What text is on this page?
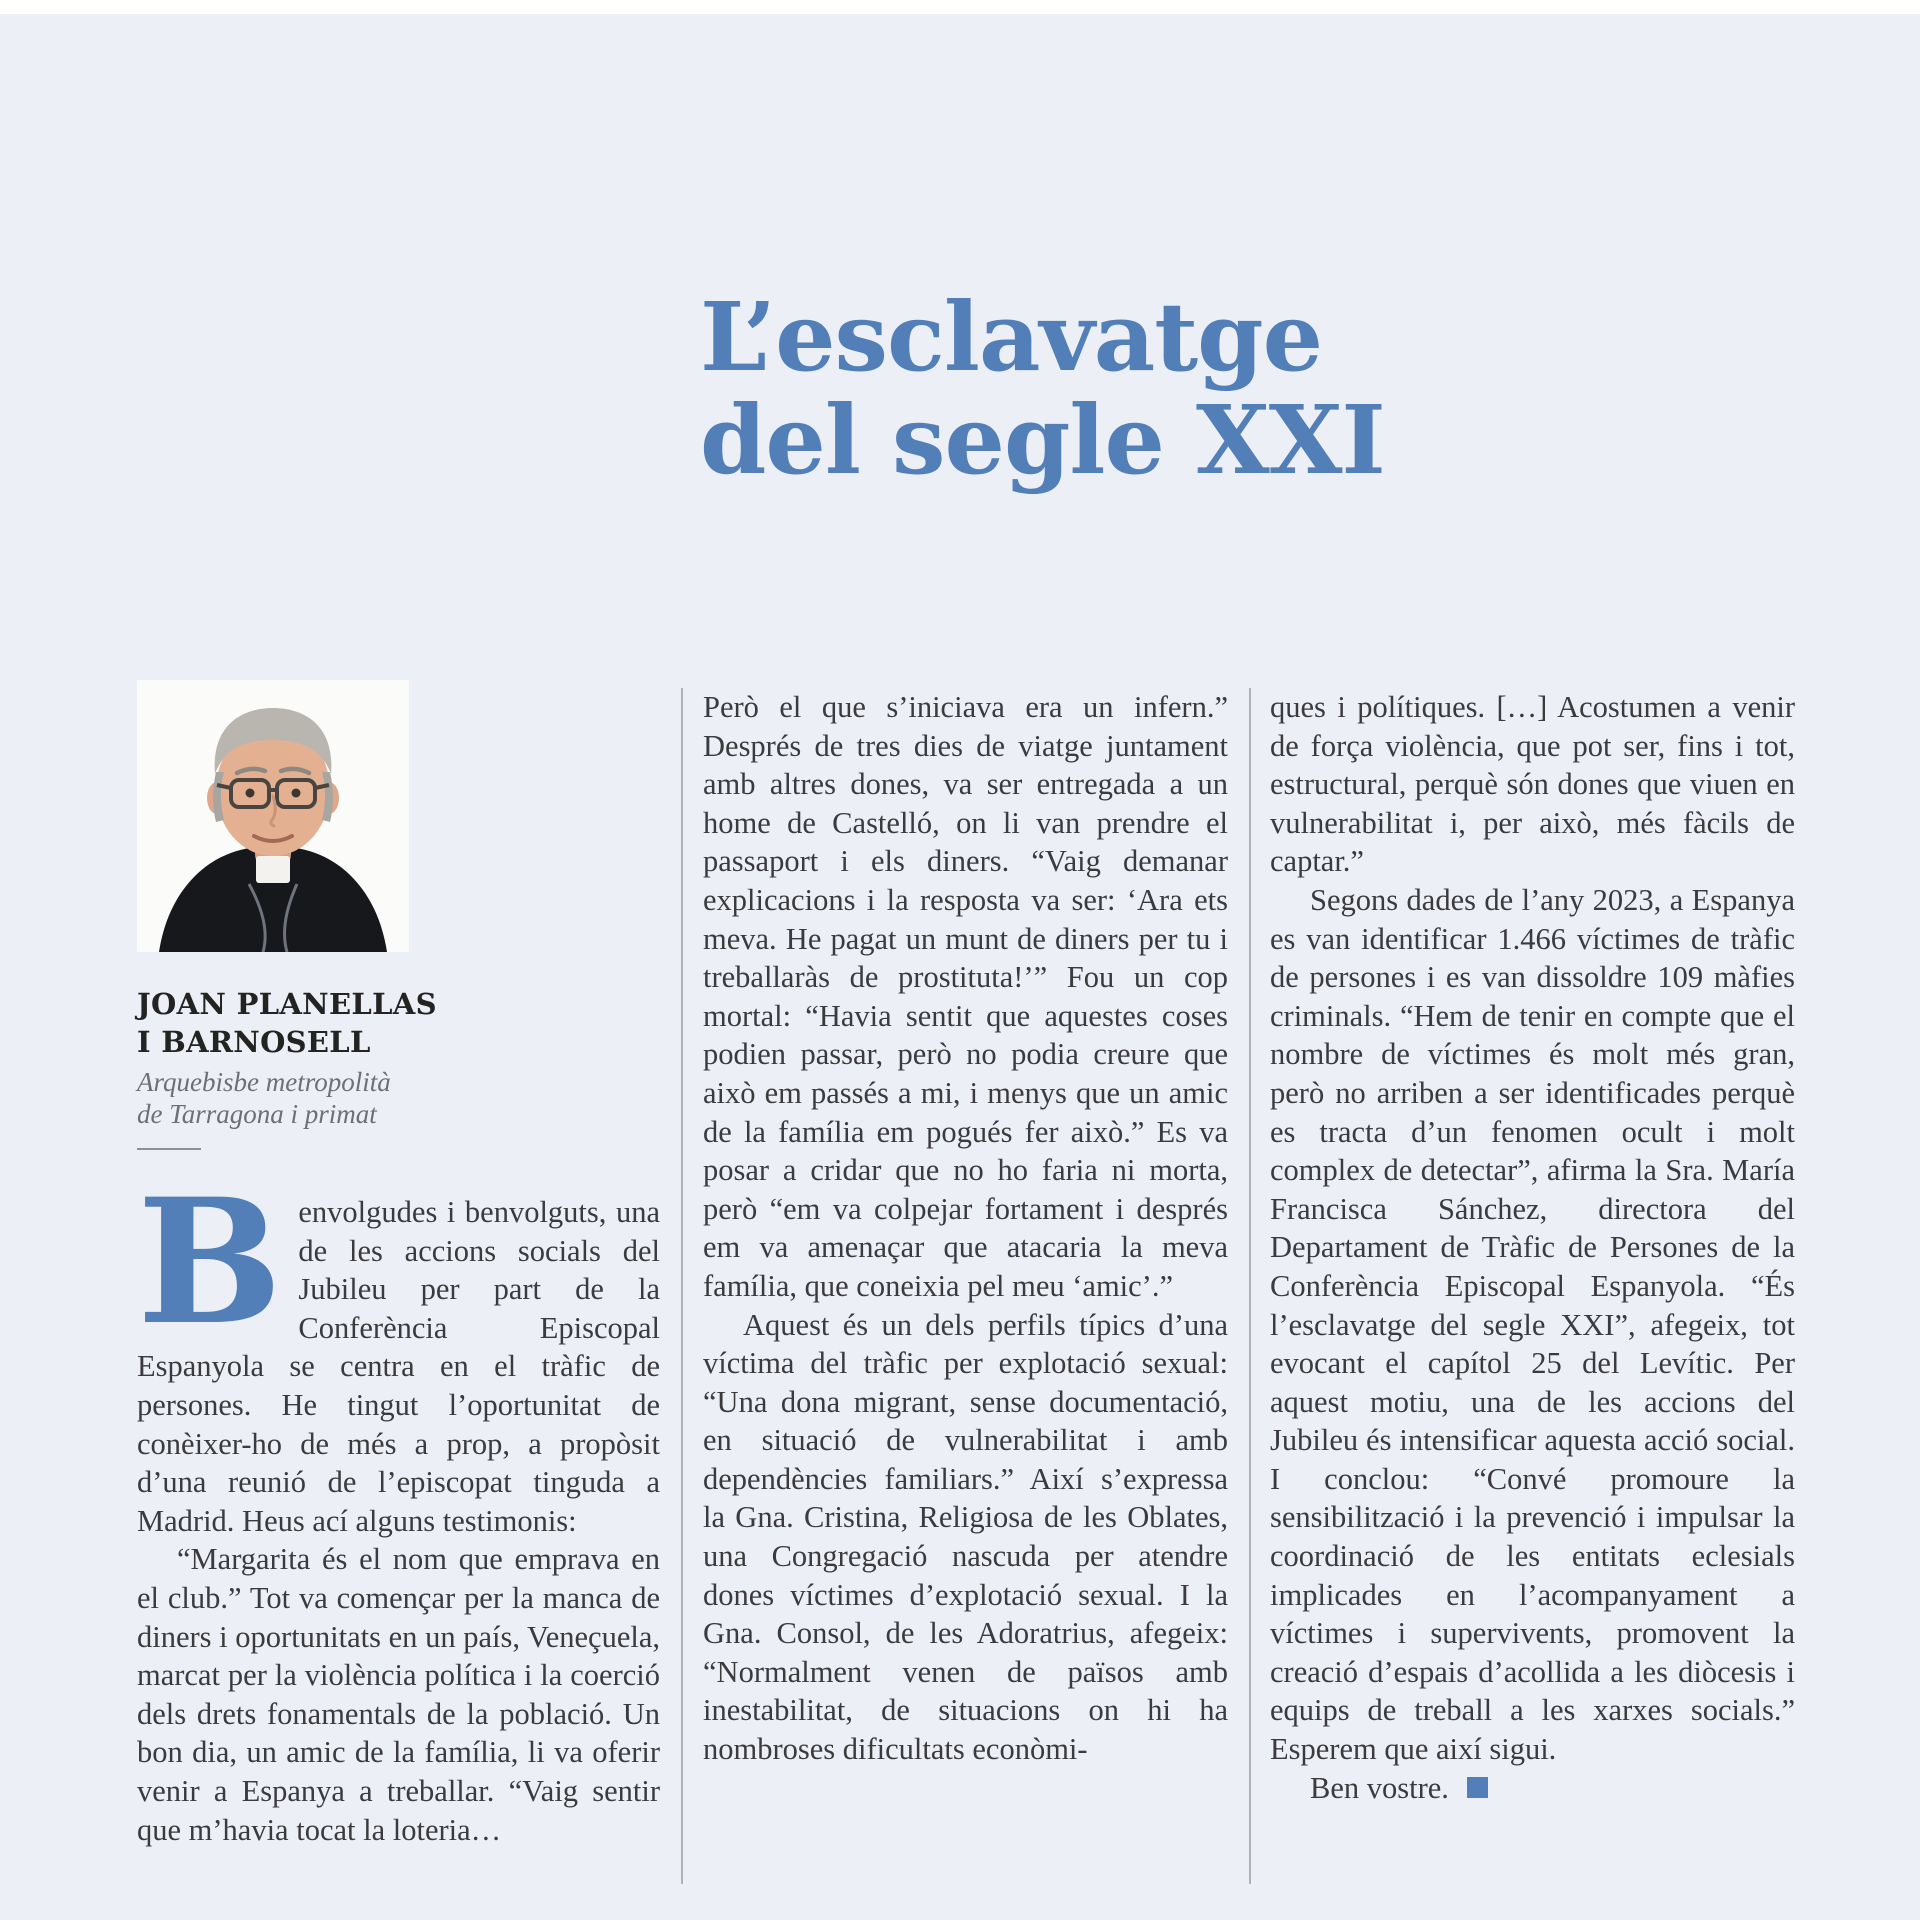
L’esclavatge
del segle XXI
JOAN PLANELLAS
I BARNOSELL
Arquebisbe metropolità
de Tarragona i primat

Benvolgudes i benvolguts, una de les accions socials del Jubileu per part de la Conferència Episcopal Espanyola se centra en el tràfic de persones. He tingut l’oportunitat de conèixer-ho de més a prop, a propòsit d’una reunió de l’episcopat tinguda a Madrid. Heus ací alguns testimonis:

“Margarita és el nom que emprava en el club.” Tot va començar per la manca de diners i oportunitats en un país, Veneçuela, marcat per la violència política i la coerció dels drets fonamentals de la població. Un bon dia, un amic de la família, li va oferir venir a Espanya a treballar. “Vaig sentir que m’havia tocat la loteria…

Però el que s’iniciava era un infern.” Després de tres dies de viatge juntament amb altres dones, va ser entregada a un home de Castelló, on li van prendre el passaport i els diners. “Vaig demanar explicacions i la resposta va ser: ‘Ara ets meva. He pagat un munt de diners per tu i treballaràs de prostituta!’” Fou un cop mortal: “Havia sentit que aquestes coses podien passar, però no podia creure que això em passés a mi, i menys que un amic de la família em pogués fer això.” Es va posar a cridar que no ho faria ni morta, però “em va colpejar fortament i després em va amenaçar que atacaria la meva família, que coneixia pel meu ‘amic’.”

Aquest és un dels perfils típics d’una víctima del tràfic per explotació sexual: “Una dona migrant, sense documentació, en situació de vulnerabilitat i amb dependències familiars.” Així s’expressa la Gna. Cristina, Religiosa de les Oblates, una Congregació nascuda per atendre dones víctimes d’explotació sexual. I la Gna. Consol, de les Adoratrius, afegeix: “Normalment venen de països amb inestabilitat, de situacions on hi ha nombroses dificultats econòmi-

ques i polítiques. […] Acostumen a venir de força violència, que pot ser, fins i tot, estructural, perquè són dones que viuen en vulnerabilitat i, per això, més fàcils de captar.”

Segons dades de l’any 2023, a Espanya es van identificar 1.466 víctimes de tràfic de persones i es van dissoldre 109 màfies criminals. “Hem de tenir en compte que el nombre de víctimes és molt més gran, però no arriben a ser identificades perquè es tracta d’un fenomen ocult i molt complex de detectar”, afirma la Sra. María Francisca Sánchez, directora del Departament de Tràfic de Persones de la Conferència Episcopal Espanyola. “És l’esclavatge del segle XXI”, afegeix, tot evocant el capítol 25 del Levític. Per aquest motiu, una de les accions del Jubileu és intensificar aquesta acció social. I conclou: “Convé promoure la sensibilització i la prevenció i impulsar la coordinació de les entitats eclesials implicades en l’acompanyament a víctimes i supervivents, promovent la creació d’espais d’acollida a les diòcesis i equips de treball a les xarxes socials.” Esperem que així sigui.

Ben vostre.
